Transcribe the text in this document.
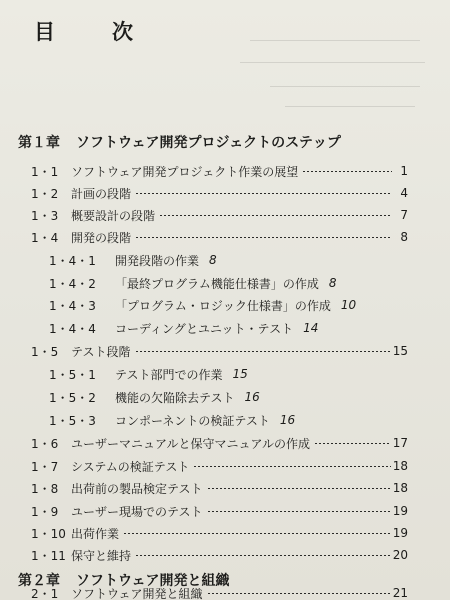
目　次
第１章 ソフトウェア開発プロジェクトのステップ
1・1	ソフトウェア開発プロジェクト作業の展望	1
1・2	計画の段階	4
1・3	概要設計の段階	7
1・4	開発の段階	8
1・4・1	開発段階の作業 8
1・4・2	「最終プログラム機能仕様書」の作成 8
1・4・3	「プログラム・ロジック仕様書」の作成 10
1・4・4	コーディングとユニット・テスト 14
1・5	テスト段階	15
1・5・1	テスト部門での作業 15
1・5・2	機能の欠陥除去テスト 16
1・5・3	コンポーネントの検証テスト 16
1・6	ユーザーマニュアルと保守マニュアルの作成	17
1・7	システムの検証テスト	18
1・8	出荷前の製品検定テスト	18
1・9	ユーザー現場でのテスト	19
1・10 出荷作業	19
1・11 保守と維持	20
第２章 ソフトウェア開発と組織
2・1	ソフトウェア開発と組織	21
